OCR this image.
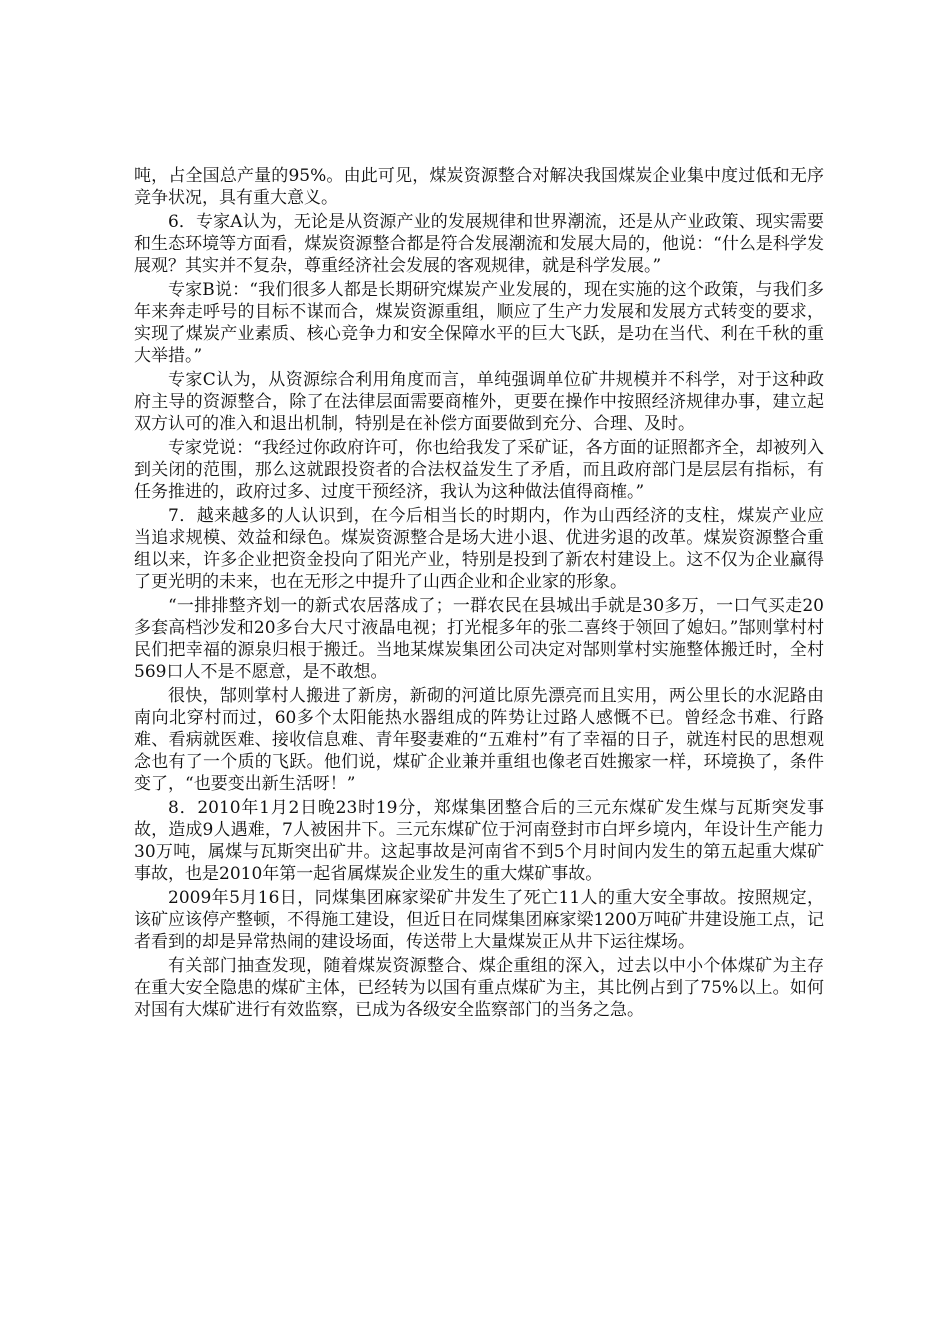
吨，占全国总产量的95%。由此可见，煤炭资源整合对解决我国煤炭企业集中度过低和无序竞争状况，具有重大意义。

6．专家A认为，无论是从资源产业的发展规律和世界潮流，还是从产业政策、现实需要和生态环境等方面看，煤炭资源整合都是符合发展潮流和发展大局的，他说：“什么是科学发展观？其实并不复杂，尊重经济社会发展的客观规律，就是科学发展。”

专家B说：“我们很多人都是长期研究煤炭产业发展的，现在实施的这个政策，与我们多年来奔走呼号的目标不谋而合，煤炭资源重组，顺应了生产力发展和发展方式转变的要求，实现了煤炭产业素质、核心竞争力和安全保障水平的巨大飞跃，是功在当代、利在千秋的重大举措。”

专家C认为，从资源综合利用角度而言，单纯强调单位矿井规模并不科学，对于这种政府主导的资源整合，除了在法律层面需要商榷外，更要在操作中按照经济规律办事，建立起双方认可的准入和退出机制，特别是在补偿方面要做到充分、合理、及时。

专家党说：“我经过你政府许可，你也给我发了采矿证，各方面的证照都齐全，却被列入到关闭的范围，那么这就跟投资者的合法权益发生了矛盾，而且政府部门是层层有指标，有任务推进的，政府过多、过度干预经济，我认为这种做法值得商榷。”

7．越来越多的人认识到，在今后相当长的时期内，作为山西经济的支柱，煤炭产业应当追求规模、效益和绿色。煤炭资源整合是场大进小退、优进劣退的改革。煤炭资源整合重组以来，许多企业把资金投向了阳光产业，特别是投到了新农村建设上。这不仅为企业赢得了更光明的未来，也在无形之中提升了山西企业和企业家的形象。

“一排排整齐划一的新式农居落成了；一群农民在县城出手就是30多万，一口气买走20多套高档沙发和20多台大尺寸液晶电视；打光棍多年的张二喜终于领回了媳妇。”郜则掌村村民们把幸福的源泉归根于搬迁。当地某煤炭集团公司决定对郜则掌村实施整体搬迁时，全村569口人不是不愿意，是不敢想。

很快，郜则掌村人搬进了新房，新砌的河道比原先漂亮而且实用，两公里长的水泥路由南向北穿村而过，60多个太阳能热水器组成的阵势让过路人感慨不已。曾经念书难、行路难、看病就医难、接收信息难、青年娶妻难的“五难村”有了幸福的日子，就连村民的思想观念也有了一个质的飞跃。他们说，煤矿企业兼并重组也像老百姓搬家一样，环境换了，条件变了，“也要变出新生活呀！”

8．2010年1月2日晚23时19分，郑煤集团整合后的三元东煤矿发生煤与瓦斯突发事故，造成9人遇难，7人被困井下。三元东煤矿位于河南登封市白坪乡境内，年设计生产能力30万吨，属煤与瓦斯突出矿井。这起事故是河南省不到5个月时间内发生的第五起重大煤矿事故，也是2010年第一起省属煤炭企业发生的重大煤矿事故。

2009年5月16日，同煤集团麻家梁矿井发生了死亡11人的重大安全事故。按照规定，该矿应该停产整顿，不得施工建设，但近日在同煤集团麻家梁1200万吨矿井建设施工点，记者看到的却是异常热闹的建设场面，传送带上大量煤炭正从井下运往煤场。

有关部门抽查发现，随着煤炭资源整合、煤企重组的深入，过去以中小个体煤矿为主存在重大安全隐患的煤矿主体，已经转为以国有重点煤矿为主，其比例占到了75%以上。如何对国有大煤矿进行有效监察，已成为各级安全监察部门的当务之急。
